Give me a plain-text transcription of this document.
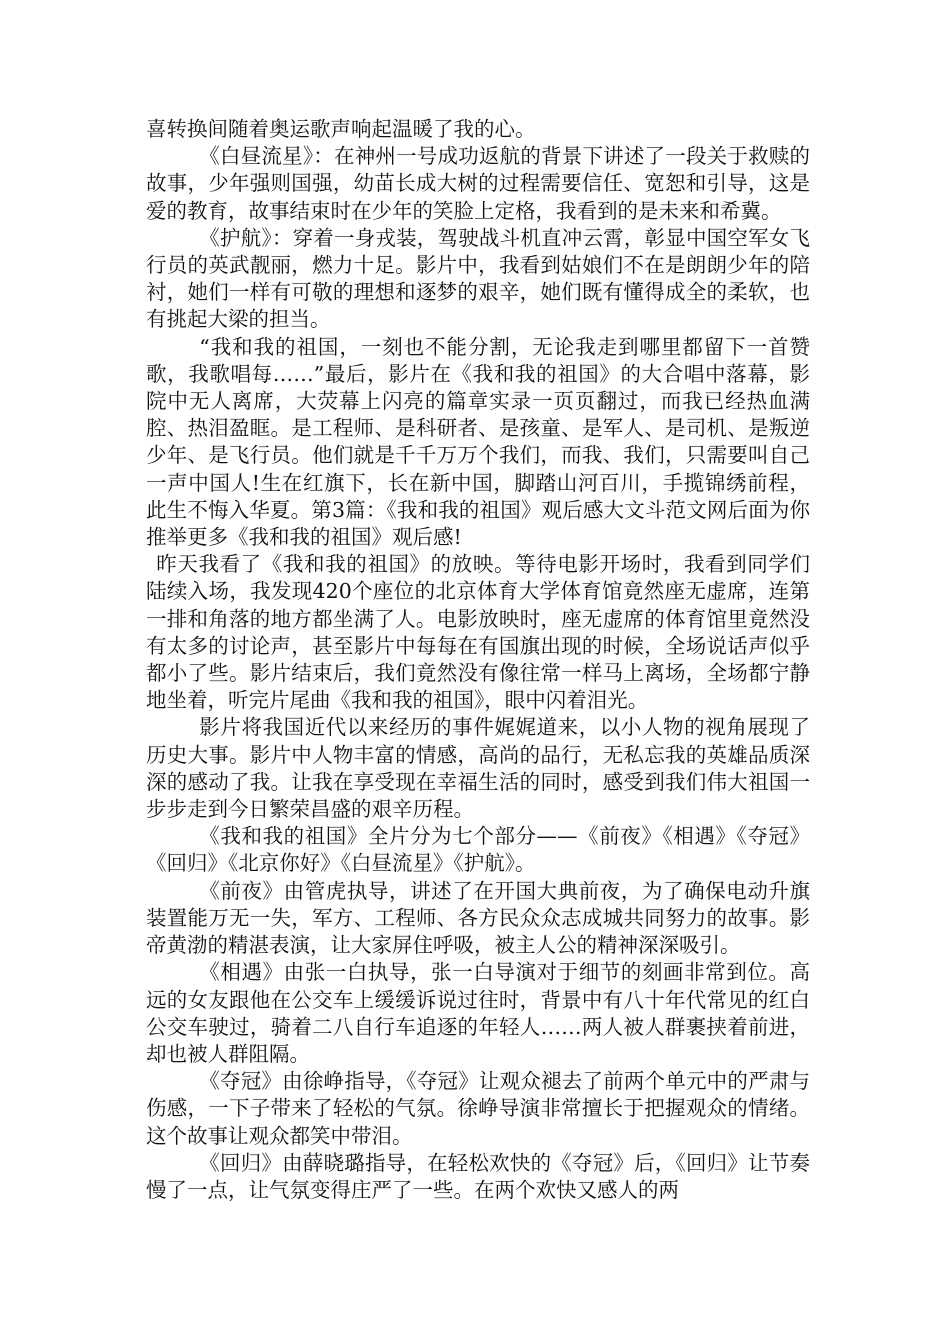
喜转换间随着奥运歌声响起温暖了我的心。

《白昼流星》：在神州一号成功返航的背景下讲述了一段关于救赎的故事，少年强则国强，幼苗长成大树的过程需要信任、宽恕和引导，这是爱的教育，故事结束时在少年的笑脸上定格，我看到的是未来和希冀。

《护航》：穿着一身戎装，驾驶战斗机直冲云霄，彰显中国空军女飞行员的英武靓丽，燃力十足。影片中，我看到姑娘们不在是朗朗少年的陪衬，她们一样有可敬的理想和逐梦的艰辛，她们既有懂得成全的柔软，也有挑起大梁的担当。

“我和我的祖国，一刻也不能分割，无论我走到哪里都留下一首赞歌，我歌唱每……”最后，影片在《我和我的祖国》的大合唱中落幕，影院中无人离席，大荧幕上闪亮的篇章实录一页页翻过，而我已经热血满腔、热泪盈眶。是工程师、是科研者、是孩童、是军人、是司机、是叛逆少年、是飞行员。他们就是千千万万个我们，而我、我们，只需要叫自己一声中国人!生在红旗下，长在新中国，脚踏山河百川，手揽锦绣前程，此生不悔入华夏。第3篇：《我和我的祖国》观后感大文斗范文网后面为你推举更多《我和我的祖国》观后感!

昨天我看了《我和我的祖国》的放映。等待电影开场时，我看到同学们陆续入场，我发现420个座位的北京体育大学体育馆竟然座无虚席，连第一排和角落的地方都坐满了人。电影放映时，座无虚席的体育馆里竟然没有太多的讨论声，甚至影片中每每在有国旗出现的时候，全场说话声似乎都小了些。影片结束后，我们竟然没有像往常一样马上离场，全场都宁静地坐着，听完片尾曲《我和我的祖国》，眼中闪着泪光。

影片将我国近代以来经历的事件娓娓道来，以小人物的视角展现了历史大事。影片中人物丰富的情感，高尚的品行，无私忘我的英雄品质深深的感动了我。让我在享受现在幸福生活的同时，感受到我们伟大祖国一步步走到今日繁荣昌盛的艰辛历程。

《我和我的祖国》全片分为七个部分——《前夜》《相遇》《夺冠》《回归》《北京你好》《白昼流星》《护航》。

《前夜》由管虎执导，讲述了在开国大典前夜，为了确保电动升旗装置能万无一失，军方、工程师、各方民众众志成城共同努力的故事。影帝黄渤的精湛表演，让大家屏住呼吸，被主人公的精神深深吸引。

《相遇》由张一白执导，张一白导演对于细节的刻画非常到位。高远的女友跟他在公交车上缓缓诉说过往时，背景中有八十年代常见的红白公交车驶过，骑着二八自行车追逐的年轻人……两人被人群裹挟着前进，却也被人群阻隔。

《夺冠》由徐峥指导，《夺冠》让观众褪去了前两个单元中的严肃与伤感，一下子带来了轻松的气氛。徐峥导演非常擅长于把握观众的情绪。这个故事让观众都笑中带泪。

《回归》由薛晓璐指导，在轻松欢快的《夺冠》后，《回归》让节奏慢了一点，让气氛变得庄严了一些。在两个欢快又感人的两
